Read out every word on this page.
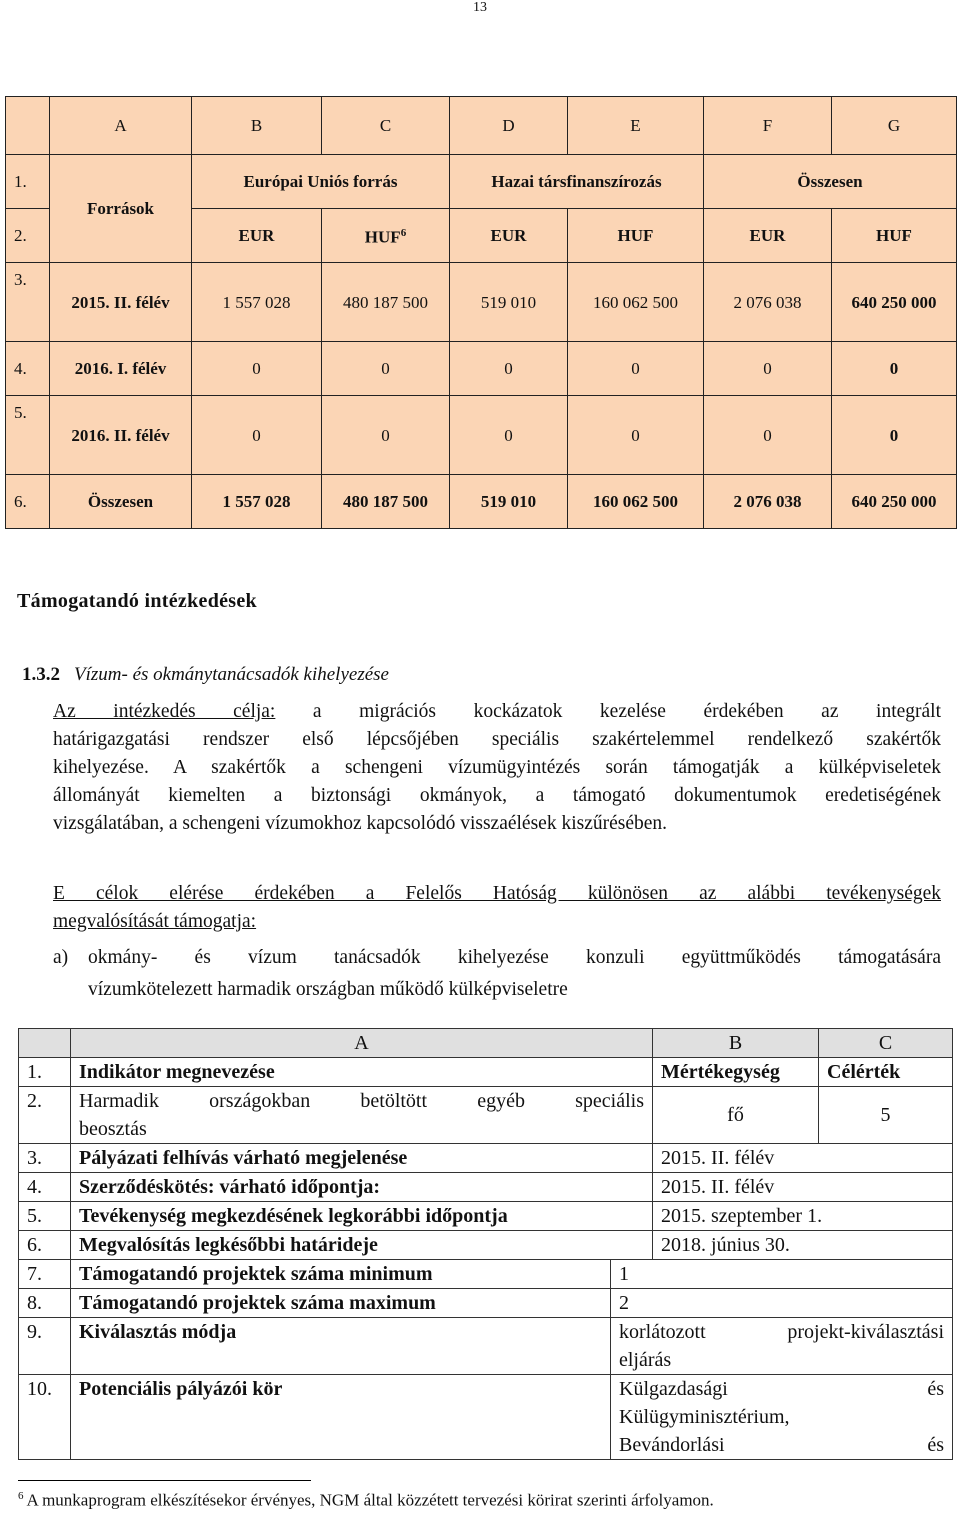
13
	A	B	C	D	E	F	G
1.	Források	Európai Uniós forrás		Hazai társfinanszírozás		Összesen	
2.		EUR	HUF$^6$	EUR	HUF	EUR	HUF
3.	2015. II. félév	1 557 028	480 187 500	519 010	160 062 500	2 076 038	640 250 000
4.	2016. I. félév	0	0	0	0	0	0
5.	2016. II. félév	0	0	0	0	0	0
6.	Összesen	1 557 028	480 187 500	519 010	160 062 500	2 076 038	640 250 000
Támogatandó intézkedések
1.3.2 Vízum- és okmánytanácsadók kihelyezése
Az intézkedés célja: a migrációs kockázatok kezelése érdekében az integrált
határigazgatási rendszer első lépcsőjében speciális szakértelemmel rendelkező szakértők
kihelyezése. A szakértők a schengeni vízumügyintézés során támogatják a külképviseletek
állományát kiemelten a biztonsági okmányok, a támogató dokumentumok eredetiségének
vizsgálatában, a schengeni vízumokhoz kapcsolódó visszaélések kiszűrésében.
E célok elérése érdekében a Felelős Hatóság különösen az alábbi tevékenységek
megvalósítását támogatja:
a)	okmány- és vízum tanácsadók kihelyezése konzuli együttműködés támogatására
vízumkötelezett harmadik országban működő külképviseletre
	A		B	C
1.	Indikátor megnevezése		Mértékegység	Célérték
2.	Harmadik országokban betöltött egyéb speciális
beosztás		fő	5
3.	Pályázati felhívás várható megjelenése		2015. II. félév	
4.	Szerződéskötés: várható időpontja:		2015. II. félév	
5.	Tevékenység megkezdésének legkorábbi időpontja		2015. szeptember 1.	
6.	Megvalósítás legkésőbbi határideje		2018. június 30.	
7.	Támogatandó projektek száma minimum	1		
8.	Támogatandó projektek száma maximum	2		
9.	Kiválasztás módja	korlátozott projekt-kiválasztási
eljárás		

10.	Potenciális pályázói kör	Külgazdasági és
Külügyminisztérium,
Bevándorlási és		
$^6$ A munkaprogram elkészítésekor érvényes, NGM által közzétett tervezési körirat szerinti árfolyamon.
